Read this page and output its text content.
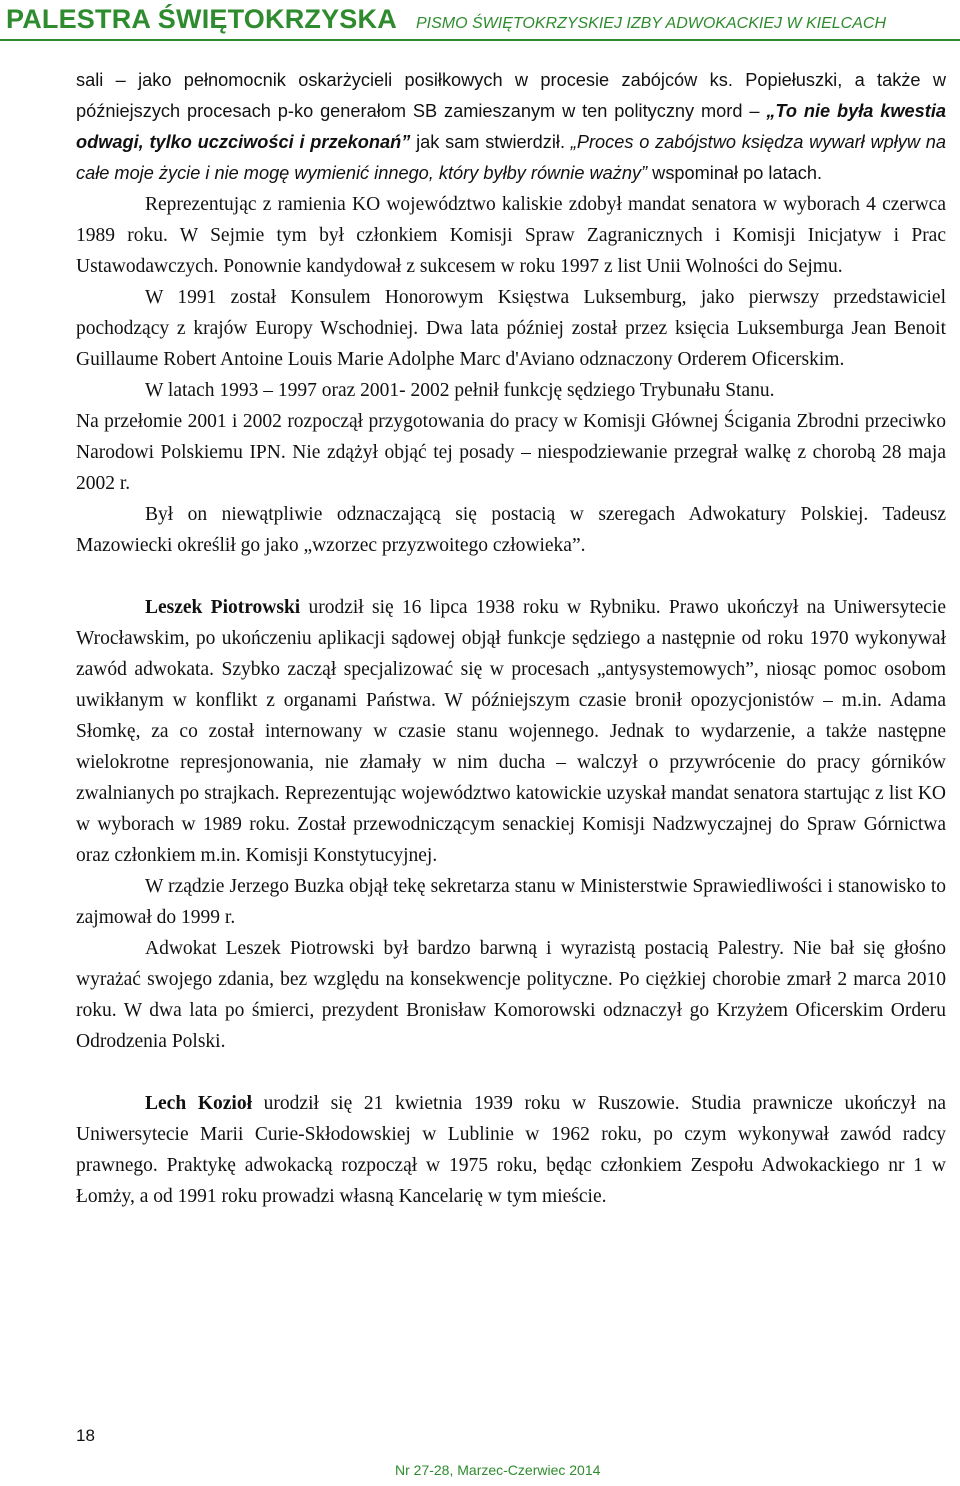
PALESTRA ŚWIĘTOKRZYSKA PISMO ŚWIĘTOKRZYSKIEJ IZBY ADWOKACKIEJ W KIELCACH

sali – jako pełnomocnik oskarżycieli posiłkowych w procesie zabójców ks. Popiełuszki, a także w późniejszych procesach p-ko generałom SB zamieszanym w ten polityczny mord – „To nie była kwestia odwagi, tylko uczciwości i przekonań” jak sam stwierdził. „Proces o zabójstwo księdza wywarł wpływ na całe moje życie i nie mogę wymienić innego, który byłby równie ważny” wspominał po latach.

Reprezentując z ramienia KO województwo kaliskie zdobył mandat senatora w wyborach 4 czerwca 1989 roku. W Sejmie tym był członkiem Komisji Spraw Zagranicznych i Komisji Inicjatyw i Prac Ustawodawczych. Ponownie kandydował z sukcesem w roku 1997 z list Unii Wolności do Sejmu.

W 1991 został Konsulem Honorowym Księstwa Luksemburg, jako pierwszy przedstawiciel pochodzący z krajów Europy Wschodniej. Dwa lata później został przez księcia Luksemburga Jean Benoit Guillaume Robert Antoine Louis Marie Adolphe Marc d'Aviano odznaczony Orderem Oficerskim.

W latach 1993 – 1997 oraz 2001- 2002 pełnił funkcję sędziego Trybunału Stanu.

Na przełomie 2001 i 2002 rozpoczął przygotowania do pracy w Komisji Głównej Ścigania Zbrodni przeciwko Narodowi Polskiemu IPN. Nie zdążył objąć tej posady – niespodziewanie przegrał walkę z chorobą 28 maja 2002 r.

Był on niewątpliwie odznaczającą się postacią w szeregach Adwokatury Polskiej. Tadeusz Mazowiecki określił go jako „wzorzec przyzwoitego człowieka”.

Leszek Piotrowski urodził się 16 lipca 1938 roku w Rybniku. Prawo ukończył na Uniwersytecie Wrocławskim, po ukończeniu aplikacji sądowej objął funkcje sędziego a następnie od roku 1970 wykonywał zawód adwokata. Szybko zaczął specjalizować się w procesach „antysystemowych”, niosąc pomoc osobom uwikłanym w konflikt z organami Państwa. W późniejszym czasie bronił opozycjonistów – m.in. Adama Słomkę, za co został internowany w czasie stanu wojennego. Jednak to wydarzenie, a także następne wielokrotne represjonowania, nie złamały w nim ducha – walczył o przywrócenie do pracy górników zwalnianych po strajkach. Reprezentując województwo katowickie uzyskał mandat senatora startując z list KO w wyborach w 1989 roku. Został przewodniczącym senackiej Komisji Nadzwyczajnej do Spraw Górnictwa oraz członkiem m.in. Komisji Konstytucyjnej.

W rządzie Jerzego Buzka objął tekę sekretarza stanu w Ministerstwie Sprawiedliwości i stanowisko to zajmował do 1999 r.

Adwokat Leszek Piotrowski był bardzo barwną i wyrazistą postacią Palestry. Nie bał się głośno wyrażać swojego zdania, bez względu na konsekwencje polityczne. Po ciężkiej chorobie zmarł 2 marca 2010 roku. W dwa lata po śmierci, prezydent Bronisław Komorowski odznaczył go Krzyżem Oficerskim Orderu Odrodzenia Polski.

Lech Kozioł urodził się 21 kwietnia 1939 roku w Ruszowie. Studia prawnicze ukończył na Uniwersytecie Marii Curie-Skłodowskiej w Lublinie w 1962 roku, po czym wykonywał zawód radcy prawnego. Praktykę adwokacką rozpoczął w 1975 roku, będąc członkiem Zespołu Adwokackiego nr 1 w Łomży, a od 1991 roku prowadzi własną Kancelarię w tym mieście.

18
Nr 27-28, Marzec-Czerwiec 2014
